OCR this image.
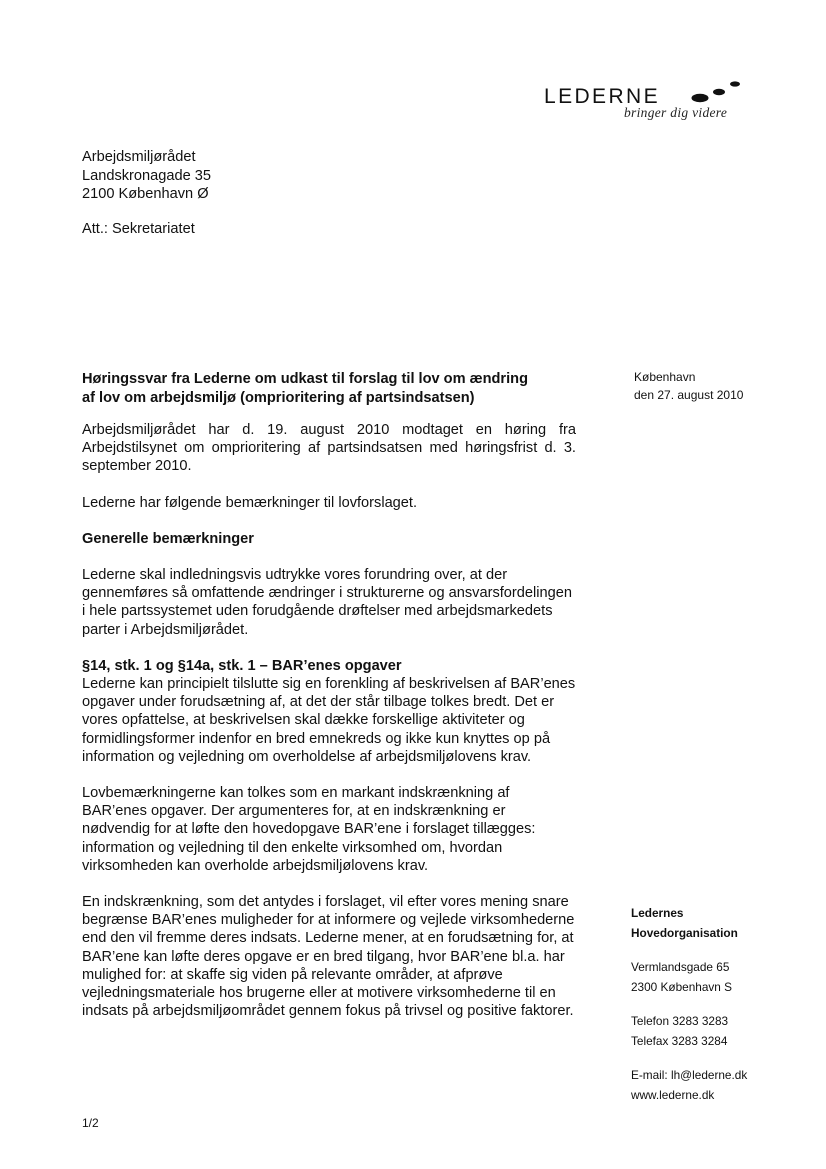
LEDERNE
bringer dig videre
Arbejdsmiljørådet
Landskronagade 35
2100 København Ø
Att.: Sekretariatet
København
den 27. august 2010
Høringssvar fra Lederne om udkast til forslag til lov om ændring
af lov om arbejdsmiljø (omprioritering af partsindsatsen)

Arbejdsmiljørådet har d. 19. august 2010 modtaget en høring fra Arbejdstilsynet om omprioritering af partsindsatsen med høringsfrist d. 3. september 2010.

Lederne har følgende bemærkninger til lovforslaget.

Generelle bemærkninger

Lederne skal indledningsvis udtrykke vores forundring over, at der gennemføres så omfattende ændringer i strukturerne og ansvarsfordelingen i hele partssystemet uden forudgående drøftelser med arbejdsmarkedets parter i Arbejdsmiljørådet.

§14, stk. 1 og §14a, stk. 1 – BAR’enes opgaver

Lederne kan principielt tilslutte sig en forenkling af beskrivelsen af BAR’enes opgaver under forudsætning af, at det der står tilbage tolkes bredt. Det er vores opfattelse, at beskrivelsen skal dække forskellige aktiviteter og formidlingsformer indenfor en bred emnekreds og ikke kun knyttes op på information og vejledning om overholdelse af arbejdsmiljølovens krav.

Lovbemærkningerne kan tolkes som en markant indskrænkning af BAR’enes opgaver. Der argumenteres for, at en indskrænkning er nødvendig for at løfte den hovedopgave BAR’ene i forslaget tillægges: information og vejledning til den enkelte virksomhed om, hvordan virksomheden kan overholde arbejdsmiljølovens krav.

En indskrænkning, som det antydes i forslaget, vil efter vores mening snare begrænse BAR’enes muligheder for at informere og vejlede virksomhederne end den vil fremme deres indsats. Lederne mener, at en forudsætning for, at BAR’ene kan løfte deres opgave er en bred tilgang, hvor BAR’ene bl.a. har mulighed for: at skaffe sig viden på relevante områder, at afprøve vejledningsmateriale hos brugerne eller at motivere virksomhederne til en indsats på arbejdsmiljøområdet gennem fokus på trivsel og positive faktorer.

Ledernes
Hovedorganisation
Vermlandsgade 65
2300 København S
Telefon 3283 3283
Telefax 3283 3284
E-mail: lh@lederne.dk
www.lederne.dk
1/2
